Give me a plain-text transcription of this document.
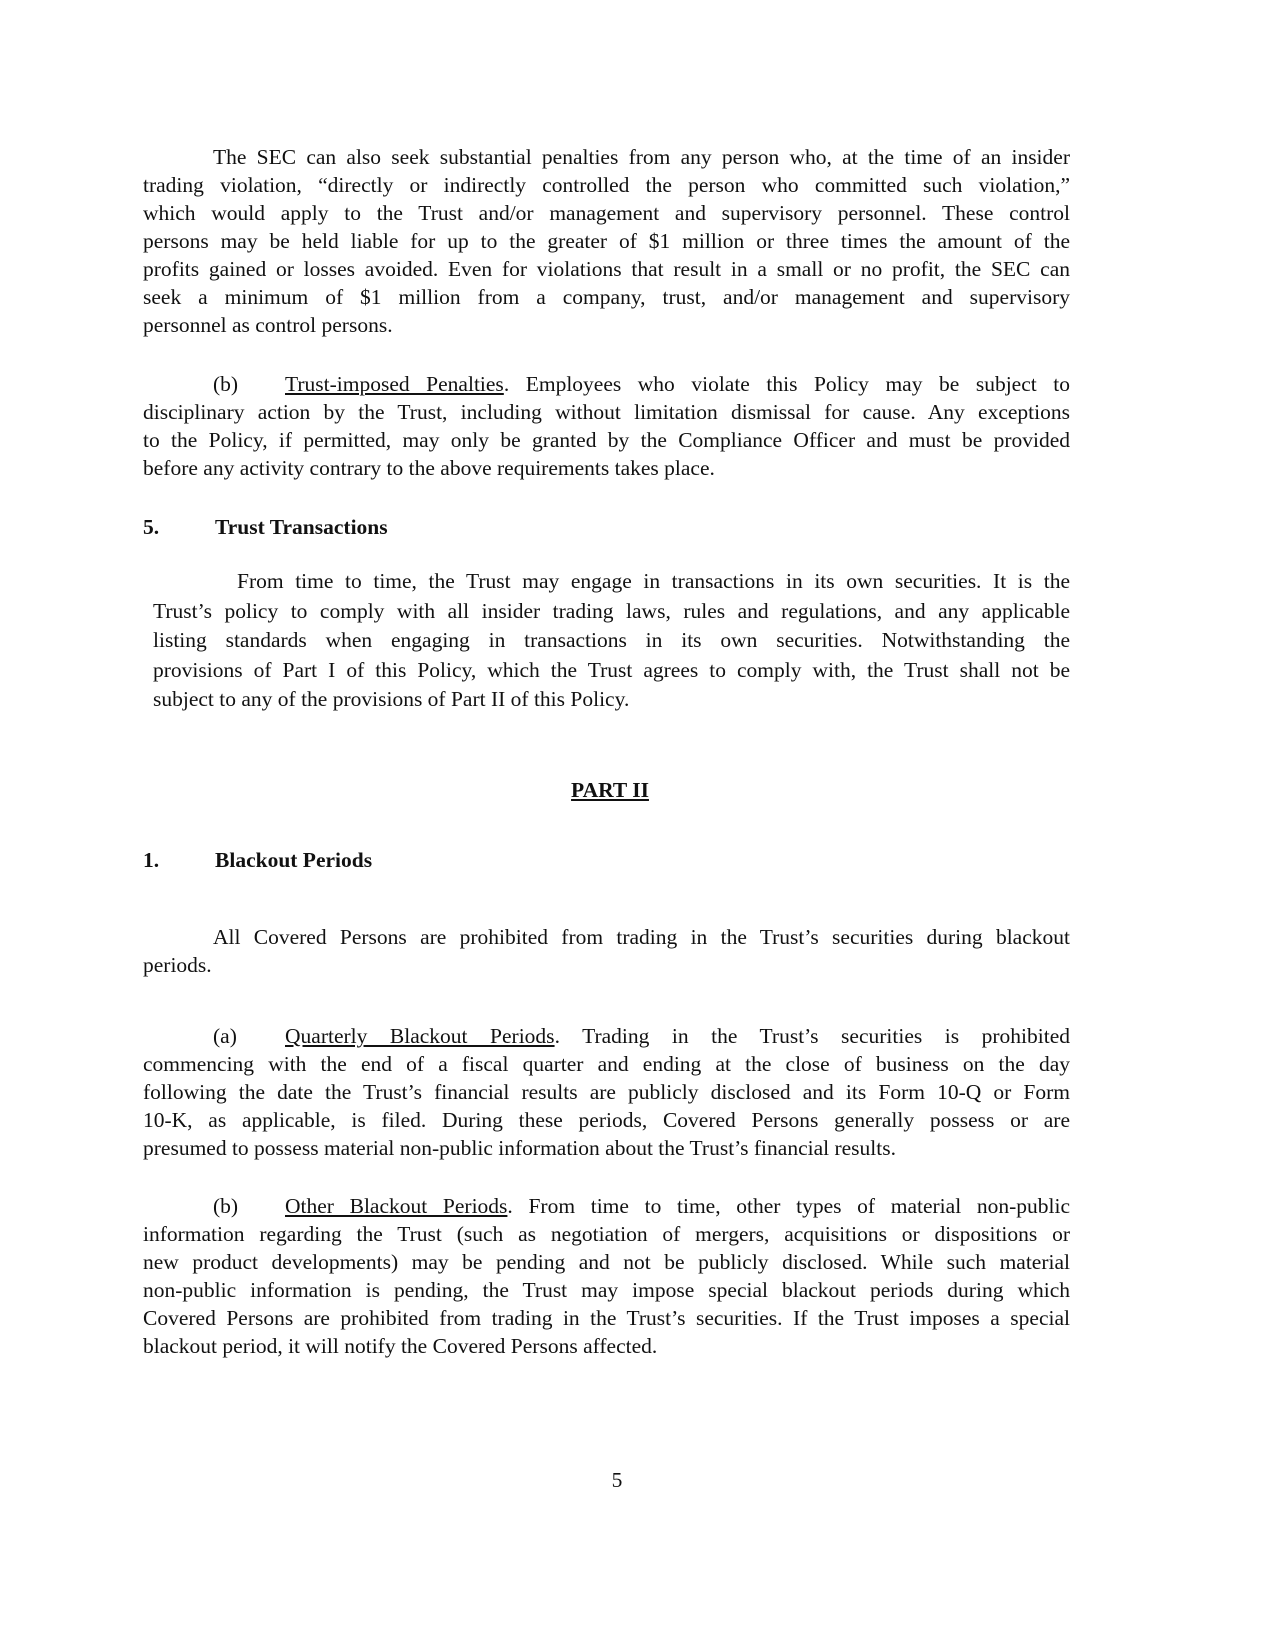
The SEC can also seek substantial penalties from any person who, at the time of an insider
trading violation, “directly or indirectly controlled the person who committed such violation,”
which would apply to the Trust and/or management and supervisory personnel. These control
persons may be held liable for up to the greater of $1 million or three times the amount of the
profits gained or losses avoided. Even for violations that result in a small or no profit, the SEC can
seek a minimum of $1 million from a company, trust, and/or management and supervisory
personnel as control persons.
(b) Trust-imposed Penalties. Employees who violate this Policy may be subject to
disciplinary action by the Trust, including without limitation dismissal for cause. Any exceptions
to the Policy, if permitted, may only be granted by the Compliance Officer and must be provided
before any activity contrary to the above requirements takes place.
5.	Trust Transactions
From time to time, the Trust may engage in transactions in its own securities. It is the
Trust’s policy to comply with all insider trading laws, rules and regulations, and any applicable
listing standards when engaging in transactions in its own securities. Notwithstanding the
provisions of Part I of this Policy, which the Trust agrees to comply with, the Trust shall not be
subject to any of the provisions of Part II of this Policy.
PART II
1.	Blackout Periods
All Covered Persons are prohibited from trading in the Trust’s securities during blackout
periods.
(a) Quarterly Blackout Periods. Trading in the Trust’s securities is prohibited
commencing with the end of a fiscal quarter and ending at the close of business on the day
following the date the Trust’s financial results are publicly disclosed and its Form 10-Q or Form
10-K, as applicable, is filed. During these periods, Covered Persons generally possess or are
presumed to possess material non-public information about the Trust’s financial results.
(b) Other Blackout Periods. From time to time, other types of material non-public
information regarding the Trust (such as negotiation of mergers, acquisitions or dispositions or
new product developments) may be pending and not be publicly disclosed. While such material
non-public information is pending, the Trust may impose special blackout periods during which
Covered Persons are prohibited from trading in the Trust’s securities. If the Trust imposes a special
blackout period, it will notify the Covered Persons affected.
5
